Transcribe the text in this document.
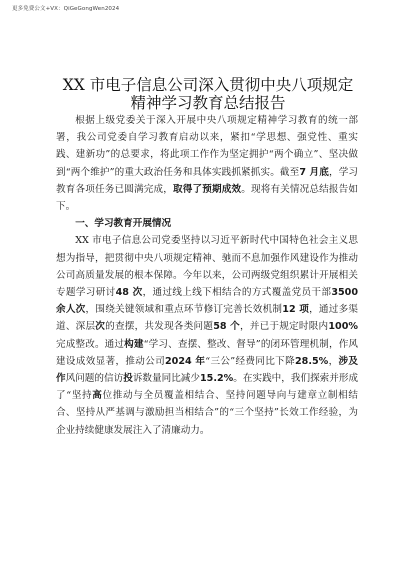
更多免费公文+VX：QiGeGongWen2024
XX 市电子信息公司深入贯彻中央八项规定精神学习教育总结报告

根据上级党委关于深入开展中央八项规定精神学习教育的统一部署，我公司党委自学习教育启动以来，紧扣“学思想、强党性、重实践、建新功”的总要求，将此项工作作为坚定拥护“两个确立”、坚决做到“两个维护”的重大政治任务和具体实践抓紧抓实。截至7 月底，学习教育各项任务已圆满完成，取得了预期成效。现将有关情况总结报告如下。

一、学习教育开展情况

XX 市电子信息公司党委坚持以习近平新时代中国特色社会主义思想为指导，把贯彻中央八项规定精神、驰而不息加强作风建设作为推动公司高质量发展的根本保障。今年以来，公司两级党组织累计开展相关专题学习研讨48 次，通过线上线下相结合的方式覆盖党员干部3500 余人次，围绕关键领域和重点环节修订完善长效机制12 项，通过多渠道、深层次的查摆，共发现各类问题58 个，并已于规定时限内100%完成整改。通过构建“学习、查摆、整改、督导”的闭环管理机制，作风建设成效显著，推动公司2024 年“三公”经费同比下降28.5%，涉及作风问题的信访投诉数量同比减少15.2%。在实践中，我们探索并形成了“坚持高位推动与全员覆盖相结合、坚持问题导向与建章立制相结合、坚持从严基调与激励担当相结合”的“三个坚持”长效工作经验，为企业持续健康发展注入了清廉动力。
